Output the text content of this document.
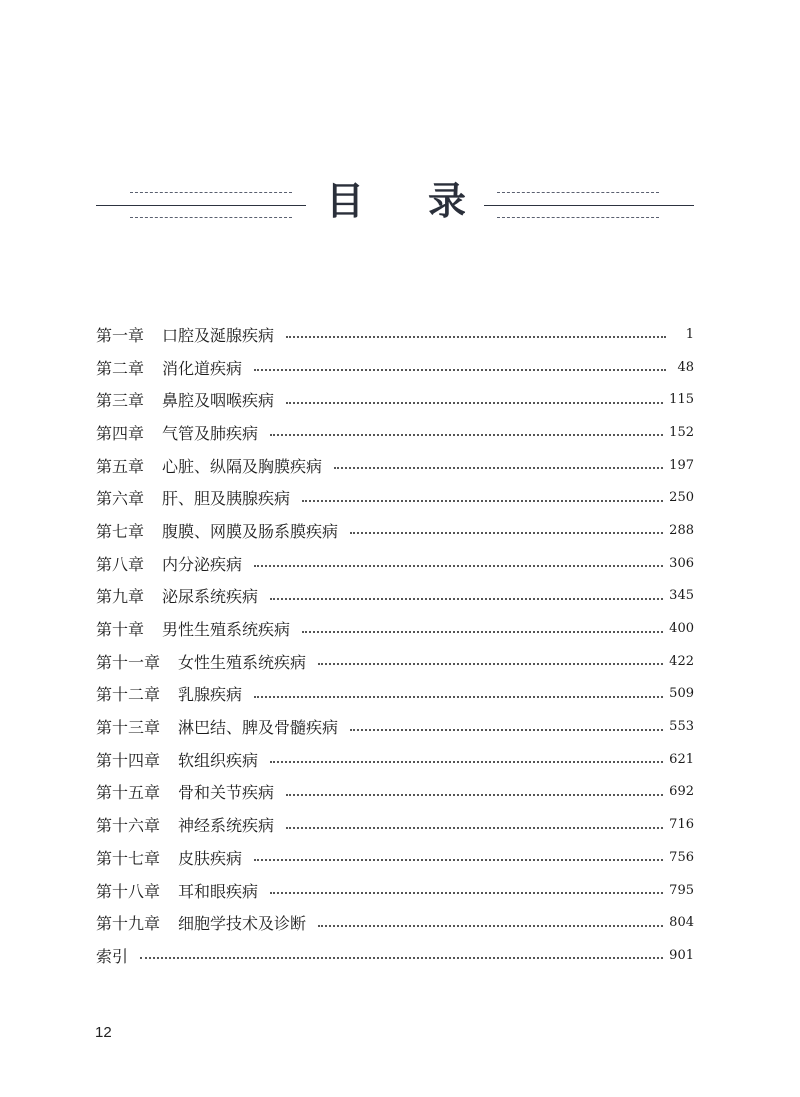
目 录
第一章 口腔及涎腺疾病	1
第二章 消化道疾病	48
第三章 鼻腔及咽喉疾病	115
第四章 气管及肺疾病	152
第五章 心脏、纵隔及胸膜疾病	197
第六章 肝、胆及胰腺疾病	250
第七章 腹膜、网膜及肠系膜疾病	288
第八章 内分泌疾病	306
第九章 泌尿系统疾病	345
第十章 男性生殖系统疾病	400
第十一章 女性生殖系统疾病	422
第十二章 乳腺疾病	509
第十三章 淋巴结、脾及骨髓疾病	553
第十四章 软组织疾病	621
第十五章 骨和关节疾病	692
第十六章 神经系统疾病	716
第十七章 皮肤疾病	756
第十八章 耳和眼疾病	795
第十九章 细胞学技术及诊断	804
索引	901
12
